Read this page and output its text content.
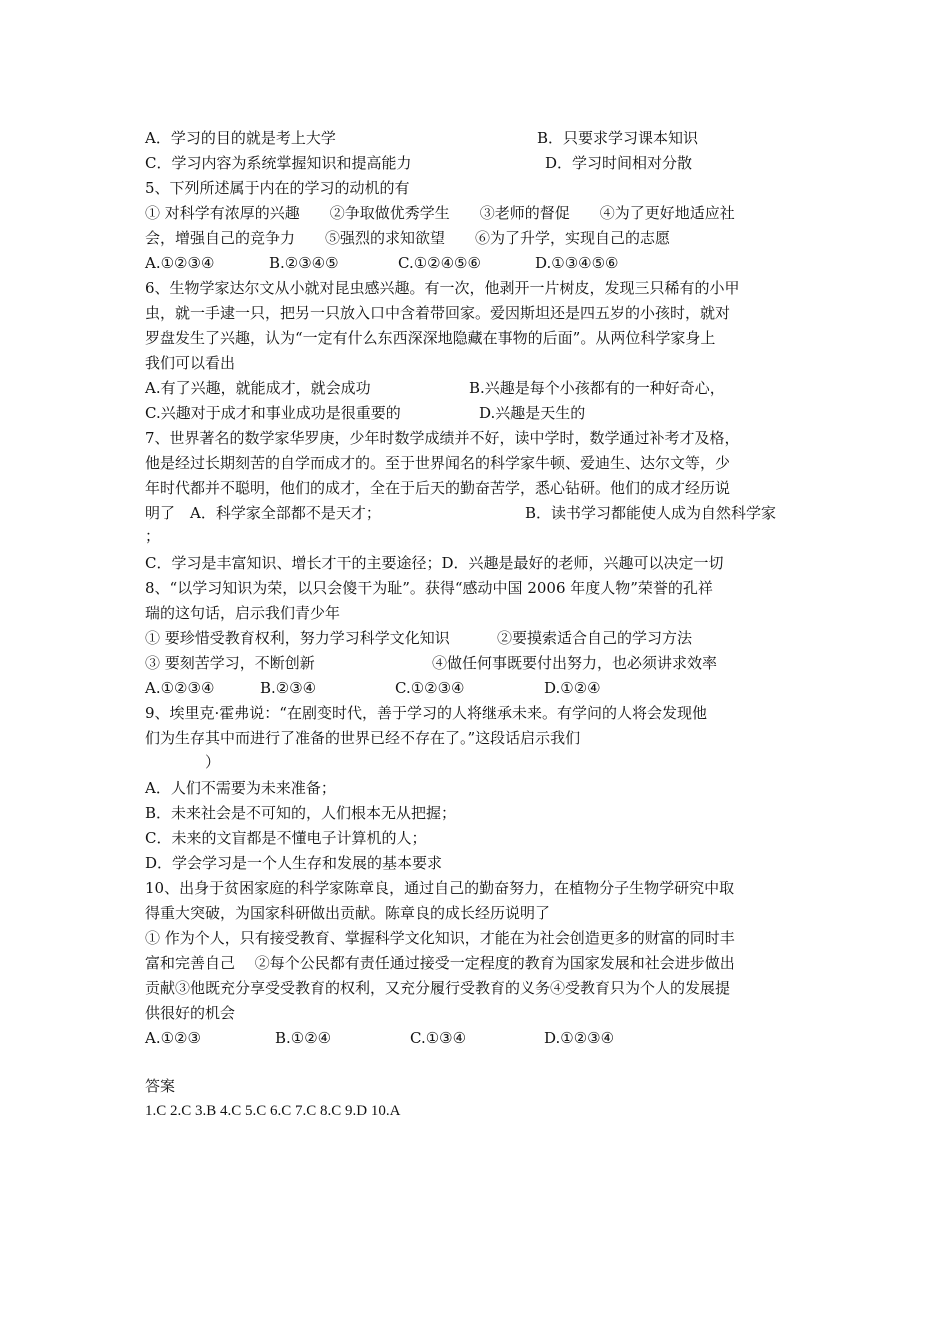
A．学习的目的就是考上大学	B．只要求学习课本知识
C．学习内容为系统掌握知识和提高能力	D．学习时间相对分散
5、下列所述属于内在的学习的动机的有
① 对科学有浓厚的兴趣　　②争取做优秀学生　　③老师的督促　　④为了更好地适应社
会，增强自己的竞争力　　⑤强烈的求知欲望　　⑥为了升学，实现自己的志愿
A.①②③④	B.②③④⑤	C.①②④⑤⑥	D.①③④⑤⑥
6、生物学家达尔文从小就对昆虫感兴趣。有一次，他剥开一片树皮，发现三只稀有的小甲
虫，就一手逮一只，把另一只放入口中含着带回家。爱因斯坦还是四五岁的小孩时，就对
罗盘发生了兴趣，认为“一定有什么东西深深地隐藏在事物的后面”。从两位科学家身上
我们可以看出
A.有了兴趣，就能成才，就会成功	B.兴趣是每个小孩都有的一种好奇心，
C.兴趣对于成才和事业成功是很重要的	D.兴趣是天生的
7、世界著名的数学家华罗庚，少年时数学成绩并不好，读中学时，数学通过补考才及格，
他是经过长期刻苦的自学而成才的。至于世界闻名的科学家牛顿、爱迪生、达尔文等，少
年时代都并不聪明，他们的成才，全在于后天的勤奋苦学，悉心钻研。他们的成才经历说
明了　A．科学家全部都不是天才；	B．读书学习都能使人成为自然科学家
；
C．学习是丰富知识、增长才干的主要途径；D．兴趣是最好的老师，兴趣可以决定一切
8、“以学习知识为荣，以只会傻干为耻”。获得“感动中国 2006 年度人物”荣誉的孔祥
瑞的这句话，启示我们青少年
① 要珍惜受教育权利，努力学习科学文化知识	②要摸索适合自己的学习方法
③ 要刻苦学习，不断创新	④做任何事既要付出努力，也必须讲求效率
A.①②③④	B.②③④	C.①②③④	D.①②④
9、埃里克·霍弗说：“在剧变时代，善于学习的人将继承未来。有学问的人将会发现他
们为生存其中而进行了准备的世界已经不存在了。”这段话启示我们
）
A．人们不需要为未来准备；
B．未来社会是不可知的，人们根本无从把握；
C．未来的文盲都是不懂电子计算机的人；
D．学会学习是一个人生存和发展的基本要求
10、出身于贫困家庭的科学家陈章良，通过自己的勤奋努力，在植物分子生物学研究中取
得重大突破，为国家科研做出贡献。陈章良的成长经历说明了
① 作为个人，只有接受教育、掌握科学文化知识，才能在为社会创造更多的财富的同时丰
富和完善自己　 ②每个公民都有责任通过接受一定程度的教育为国家发展和社会进步做出
贡献③他既充分享受受教育的权利，又充分履行受教育的义务④受教育只为个人的发展提
供很好的机会
A.①②③	B.①②④	C.①③④	D.①②③④
答案
1.C 2.C 3.B 4.C 5.C 6.C 7.C 8.C 9.D 10.A
